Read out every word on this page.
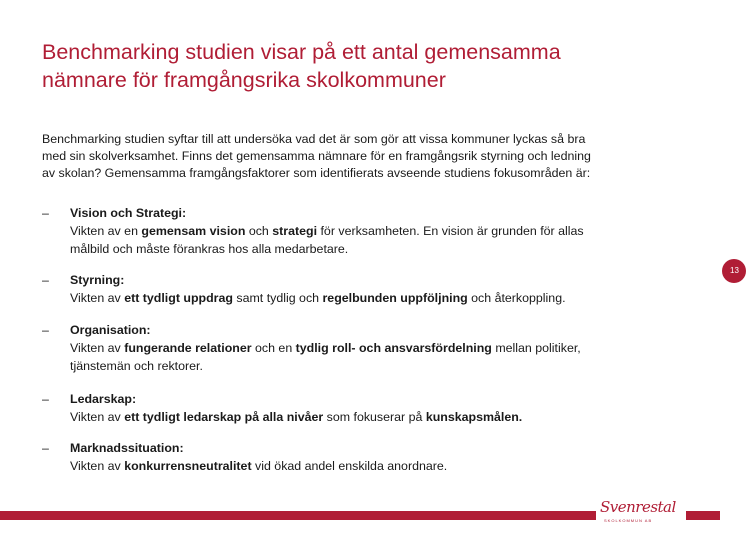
Benchmarking studien visar på ett antal gemensamma
nämnare för framgångsrika skolkommuner
Benchmarking studien syftar till att undersöka vad det är som gör att vissa kommuner lyckas så bra
med sin skolverksamhet. Finns det gemensamma nämnare för en framgångsrik styrning och ledning
av skolan? Gemensamma framgångsfaktorer som identifierats avseende studiens fokusområden är:
–	Vision och Strategi:
Vikten av en gemensam vision och strategi för verksamheten. En vision är grunden för allas
målbild och måste förankras hos alla medarbetare.
–	Styrning:
Vikten av ett tydligt uppdrag samt tydlig och regelbunden uppföljning och återkoppling.
–	Organisation:
Vikten av fungerande relationer och en tydlig roll- och ansvarsfördelning mellan politiker,
tjänstemän och rektorer.
–	Ledarskap:
Vikten av ett tydligt ledarskap på alla nivåer som fokuserar på kunskapsmålen.
–	Marknadssituation:
Vikten av konkurrensneutralitet vid ökad andel enskilda anordnare.
13
Svenrestal
SKOLKOMMUN AB
